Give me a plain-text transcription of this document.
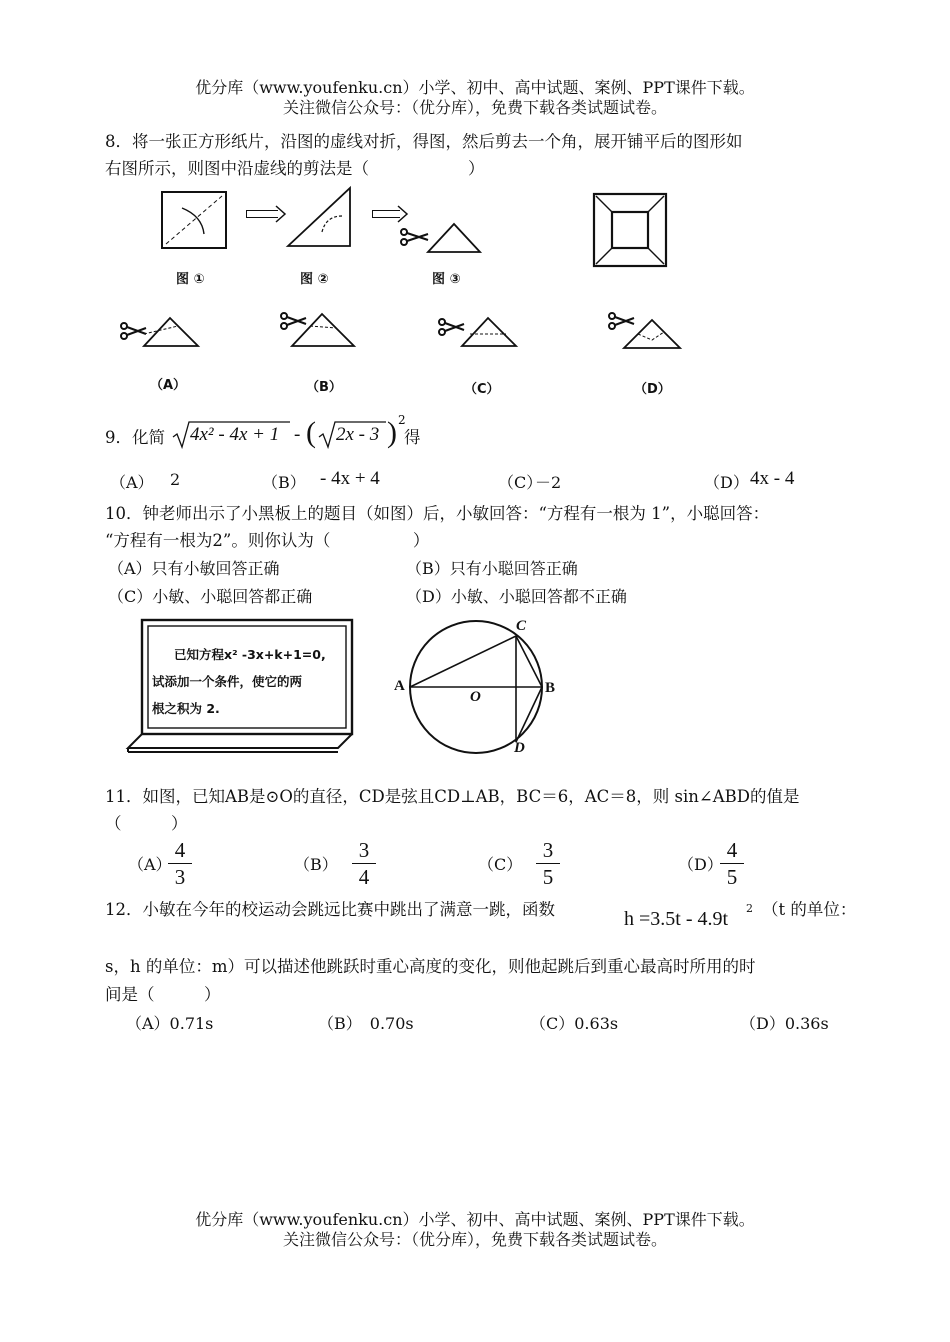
优分库（www.youfenku.cn）小学、初中、高中试题、案例、PPT课件下载。
关注微信公众号：（优分库），免费下载各类试题试卷。
8．将一张正方形纸片，沿图的虚线对折，得图，然后剪去一个角，展开铺平后的图形如
右图所示，则图中沿虚线的剪法是（　　　　　　）
图 ①	图 ②	图 ③
（A）	（B）	（C）	（D）
9．化简 4x² - 4x + 1 - ( 2x - 3 ) 2
得
（A） 2	（B） - 4x + 4	（C）
－2	（D） 4x - 4
10．钟老师出示了小黑板上的题目（如图）后，小敏回答：“方程有一根为 1”，小聪回答：
“方程有一根为2”。则你认为（　　　　　）
（A）只有小敏回答正确	（B）只有小聪回答正确
（C）小敏、小聪回答都正确	（D）小敏、小聪回答都不正确
已知方程x² -3x+k+1=0,
试添加一个条件，使它的两
根之积为 2.
A
C
B
D
O
11．如图，已知AB是⊙O的直径，CD是弦且CD⊥AB，BC＝6，AC＝8，则 sin∠ABD的值是
（　　　）
（A）
4
3
（B）
3
4
（C）
3
5
（D）
4
5
12．小敏在今年的校运动会跳远比赛中跳出了满意一跳，函数	h =3.5t - 4.9t 2 （t 的单位：
s，h 的单位：m）可以描述他跳跃时重心高度的变化，则他起跳后到重心最高时所用的时
间是（　　　）
（A）0.71s	（B）　0.70s	（C）0.63s	（D）0.36s
优分库（www.youfenku.cn）小学、初中、高中试题、案例、PPT课件下载。
关注微信公众号：（优分库），免费下载各类试题试卷。
